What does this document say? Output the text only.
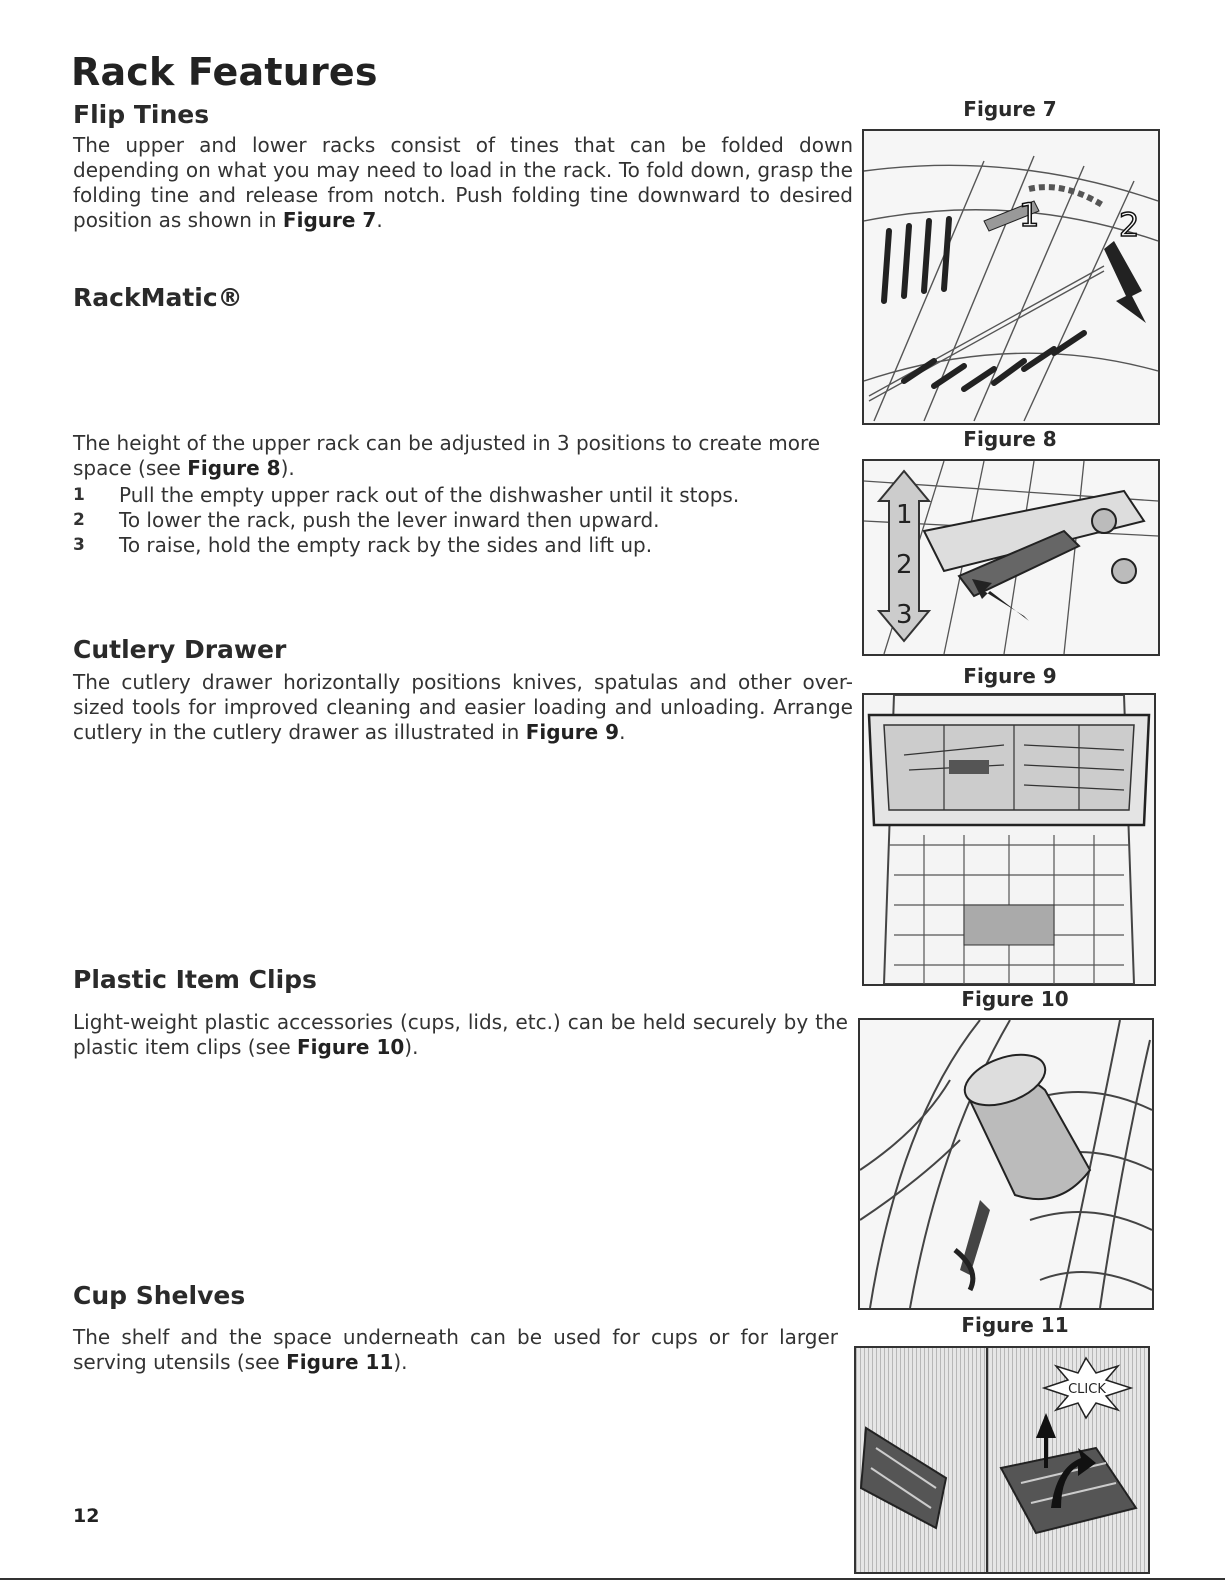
Rack Features
Flip Tines

The upper and lower racks consist of tines that can be folded down depending on what you may need to load in the rack. To fold down, grasp the folding tine and release from notch. Push folding tine downward to desired position as shown in Figure 7.

RackMatic®

The height of the upper rack can be adjusted in 3 positions to create more space (see Figure 8).

1 Pull the empty upper rack out of the dishwasher until it stops.
2 To lower the rack, push the lever inward then upward.
3 To raise, hold the empty rack by the sides and lift up.
Cutlery Drawer

The cutlery drawer horizontally positions knives, spatulas and other over-sized tools for improved cleaning and easier loading and unloading. Arrange cutlery in the cutlery drawer as illustrated in Figure 9.

Plastic Item Clips

Light-weight plastic accessories (cups, lids, etc.) can be held securely by the plastic item clips (see Figure 10).

Cup Shelves

The shelf and the space underneath can be used for cups or for larger serving utensils (see Figure 11).

Figure 7
1 2
Figure 8
1
2
3
Figure 9
Figure 10
Figure 11
CLICK
12
